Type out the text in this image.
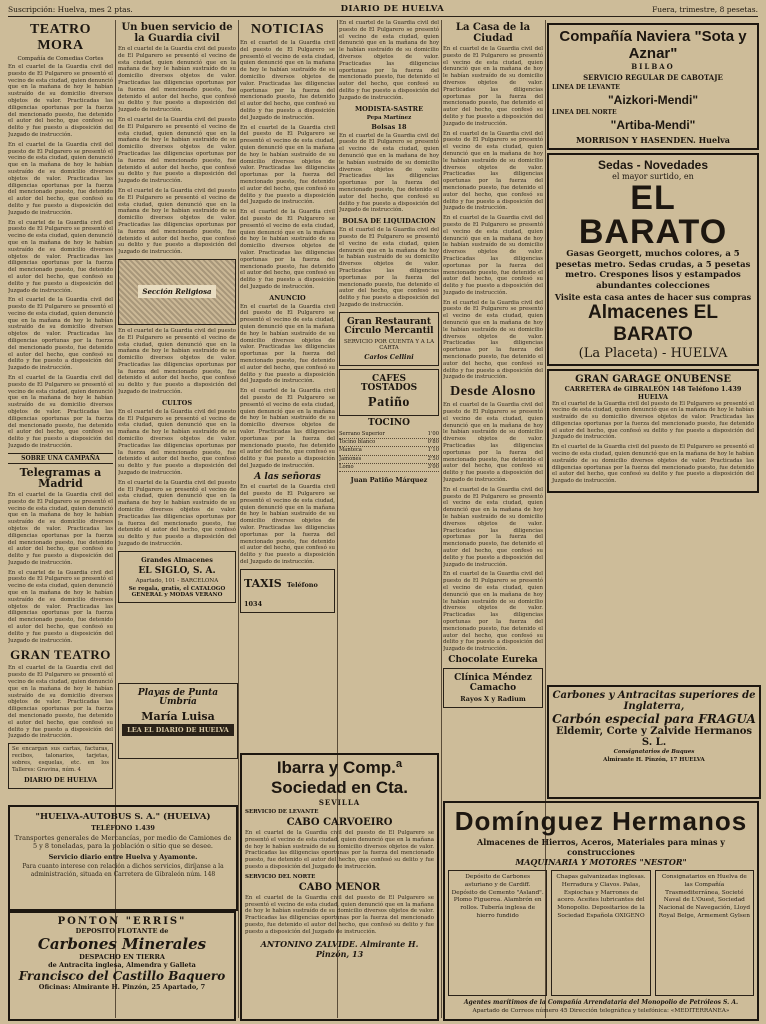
Suscripción: Huelva, mes 2 ptas.	DIARIO DE HUELVA	Fuera, trimestre, 8 pesetas.
TEATRO MORA
Compañía de Comedias Cortes

En el cuartel de la Guardia civil del puesto de El Pulgarero se presentó el vecino de esta ciudad, quien denunció que en la mañana de hoy le habían sustraído de su domicilio diversos objetos de valor. Practicadas las diligencias oportunas por la fuerza del mencionado puesto, fue detenido el autor del hecho, que confesó su delito y fue puesto a disposición del Juzgado de instrucción.

En el cuartel de la Guardia civil del puesto de El Pulgarero se presentó el vecino de esta ciudad, quien denunció que en la mañana de hoy le habían sustraído de su domicilio diversos objetos de valor. Practicadas las diligencias oportunas por la fuerza del mencionado puesto, fue detenido el autor del hecho, que confesó su delito y fue puesto a disposición del Juzgado de instrucción.

En el cuartel de la Guardia civil del puesto de El Pulgarero se presentó el vecino de esta ciudad, quien denunció que en la mañana de hoy le habían sustraído de su domicilio diversos objetos de valor. Practicadas las diligencias oportunas por la fuerza del mencionado puesto, fue detenido el autor del hecho, que confesó su delito y fue puesto a disposición del Juzgado de instrucción.

En el cuartel de la Guardia civil del puesto de El Pulgarero se presentó el vecino de esta ciudad, quien denunció que en la mañana de hoy le habían sustraído de su domicilio diversos objetos de valor. Practicadas las diligencias oportunas por la fuerza del mencionado puesto, fue detenido el autor del hecho, que confesó su delito y fue puesto a disposición del Juzgado de instrucción.

En el cuartel de la Guardia civil del puesto de El Pulgarero se presentó el vecino de esta ciudad, quien denunció que en la mañana de hoy le habían sustraído de su domicilio diversos objetos de valor. Practicadas las diligencias oportunas por la fuerza del mencionado puesto, fue detenido el autor del hecho, que confesó su delito y fue puesto a disposición del Juzgado de instrucción.

SOBRE UNA CAMPAÑA
Telegramas a Madrid

En el cuartel de la Guardia civil del puesto de El Pulgarero se presentó el vecino de esta ciudad, quien denunció que en la mañana de hoy le habían sustraído de su domicilio diversos objetos de valor. Practicadas las diligencias oportunas por la fuerza del mencionado puesto, fue detenido el autor del hecho, que confesó su delito y fue puesto a disposición del Juzgado de instrucción.

En el cuartel de la Guardia civil del puesto de El Pulgarero se presentó el vecino de esta ciudad, quien denunció que en la mañana de hoy le habían sustraído de su domicilio diversos objetos de valor. Practicadas las diligencias oportunas por la fuerza del mencionado puesto, fue detenido el autor del hecho, que confesó su delito y fue puesto a disposición del Juzgado de instrucción.

GRAN TEATRO

En el cuartel de la Guardia civil del puesto de El Pulgarero se presentó el vecino de esta ciudad, quien denunció que en la mañana de hoy le habían sustraído de su domicilio diversos objetos de valor. Practicadas las diligencias oportunas por la fuerza del mencionado puesto, fue detenido el autor del hecho, que confesó su delito y fue puesto a disposición del Juzgado de instrucción.

Se encargan sus cartas, facturas, recibos, talonarios, tarjetas, sobres, esquelas, etc. en los Talleres: Gravina, núm. 4

DIARIO DE HUELVA
"HUELVA-AUTOBUS S. A." (HUELVA)
TELÉFONO 1.439

Transportes generales de Mercancías, por medio de Camiones de 5 y 8 toneladas, para la población o sitio que se desee.

Servicio diario entre Huelva y Ayamonte.

Para cuanto interese con relación a dichos servicios, diríjanse a la administración, situada en Carretera de Gibraleón núm. 148

Un buen servicio de la Guardia civil

En el cuartel de la Guardia civil del puesto de El Pulgarero se presentó el vecino de esta ciudad, quien denunció que en la mañana de hoy le habían sustraído de su domicilio diversos objetos de valor. Practicadas las diligencias oportunas por la fuerza del mencionado puesto, fue detenido el autor del hecho, que confesó su delito y fue puesto a disposición del Juzgado de instrucción.

En el cuartel de la Guardia civil del puesto de El Pulgarero se presentó el vecino de esta ciudad, quien denunció que en la mañana de hoy le habían sustraído de su domicilio diversos objetos de valor. Practicadas las diligencias oportunas por la fuerza del mencionado puesto, fue detenido el autor del hecho, que confesó su delito y fue puesto a disposición del Juzgado de instrucción.

En el cuartel de la Guardia civil del puesto de El Pulgarero se presentó el vecino de esta ciudad, quien denunció que en la mañana de hoy le habían sustraído de su domicilio diversos objetos de valor. Practicadas las diligencias oportunas por la fuerza del mencionado puesto, fue detenido el autor del hecho, que confesó su delito y fue puesto a disposición del Juzgado de instrucción.

Sección Religiosa

En el cuartel de la Guardia civil del puesto de El Pulgarero se presentó el vecino de esta ciudad, quien denunció que en la mañana de hoy le habían sustraído de su domicilio diversos objetos de valor. Practicadas las diligencias oportunas por la fuerza del mencionado puesto, fue detenido el autor del hecho, que confesó su delito y fue puesto a disposición del Juzgado de instrucción.

CULTOS

En el cuartel de la Guardia civil del puesto de El Pulgarero se presentó el vecino de esta ciudad, quien denunció que en la mañana de hoy le habían sustraído de su domicilio diversos objetos de valor. Practicadas las diligencias oportunas por la fuerza del mencionado puesto, fue detenido el autor del hecho, que confesó su delito y fue puesto a disposición del Juzgado de instrucción.

En el cuartel de la Guardia civil del puesto de El Pulgarero se presentó el vecino de esta ciudad, quien denunció que en la mañana de hoy le habían sustraído de su domicilio diversos objetos de valor. Practicadas las diligencias oportunas por la fuerza del mencionado puesto, fue detenido el autor del hecho, que confesó su delito y fue puesto a disposición del Juzgado de instrucción.

Grandes Almacenes
EL SIGLO, S. A.
Apartado, 101 - BARCELONA
Se regala, gratis, el CATALOGO GENERAL y MODAS VERANO
Playas de Punta Umbría
María Luisa
LEA EL DIARIO DE HUELVA
NOTICIAS

En el cuartel de la Guardia civil del puesto de El Pulgarero se presentó el vecino de esta ciudad, quien denunció que en la mañana de hoy le habían sustraído de su domicilio diversos objetos de valor. Practicadas las diligencias oportunas por la fuerza del mencionado puesto, fue detenido el autor del hecho, que confesó su delito y fue puesto a disposición del Juzgado de instrucción.

En el cuartel de la Guardia civil del puesto de El Pulgarero se presentó el vecino de esta ciudad, quien denunció que en la mañana de hoy le habían sustraído de su domicilio diversos objetos de valor. Practicadas las diligencias oportunas por la fuerza del mencionado puesto, fue detenido el autor del hecho, que confesó su delito y fue puesto a disposición del Juzgado de instrucción.

En el cuartel de la Guardia civil del puesto de El Pulgarero se presentó el vecino de esta ciudad, quien denunció que en la mañana de hoy le habían sustraído de su domicilio diversos objetos de valor. Practicadas las diligencias oportunas por la fuerza del mencionado puesto, fue detenido el autor del hecho, que confesó su delito y fue puesto a disposición del Juzgado de instrucción.

ANUNCIO

En el cuartel de la Guardia civil del puesto de El Pulgarero se presentó el vecino de esta ciudad, quien denunció que en la mañana de hoy le habían sustraído de su domicilio diversos objetos de valor. Practicadas las diligencias oportunas por la fuerza del mencionado puesto, fue detenido el autor del hecho, que confesó su delito y fue puesto a disposición del Juzgado de instrucción.

En el cuartel de la Guardia civil del puesto de El Pulgarero se presentó el vecino de esta ciudad, quien denunció que en la mañana de hoy le habían sustraído de su domicilio diversos objetos de valor. Practicadas las diligencias oportunas por la fuerza del mencionado puesto, fue detenido el autor del hecho, que confesó su delito y fue puesto a disposición del Juzgado de instrucción.

A las señoras

En el cuartel de la Guardia civil del puesto de El Pulgarero se presentó el vecino de esta ciudad, quien denunció que en la mañana de hoy le habían sustraído de su domicilio diversos objetos de valor. Practicadas las diligencias oportunas por la fuerza del mencionado puesto, fue detenido el autor del hecho, que confesó su delito y fue puesto a disposición del Juzgado de instrucción.

TAXIS Teléfono 1034

En el cuartel de la Guardia civil del puesto de El Pulgarero se presentó el vecino de esta ciudad, quien denunció que en la mañana de hoy le habían sustraído de su domicilio diversos objetos de valor. Practicadas las diligencias oportunas por la fuerza del mencionado puesto, fue detenido el autor del hecho, que confesó su delito y fue puesto a disposición del Juzgado de instrucción.

MODISTA-SASTRE
Pepa Martínez
Bolsas 18

En el cuartel de la Guardia civil del puesto de El Pulgarero se presentó el vecino de esta ciudad, quien denunció que en la mañana de hoy le habían sustraído de su domicilio diversos objetos de valor. Practicadas las diligencias oportunas por la fuerza del mencionado puesto, fue detenido el autor del hecho, que confesó su delito y fue puesto a disposición del Juzgado de instrucción.

BOLSA DE LIQUIDACION

En el cuartel de la Guardia civil del puesto de El Pulgarero se presentó el vecino de esta ciudad, quien denunció que en la mañana de hoy le habían sustraído de su domicilio diversos objetos de valor. Practicadas las diligencias oportunas por la fuerza del mencionado puesto, fue detenido el autor del hecho, que confesó su delito y fue puesto a disposición del Juzgado de instrucción.

Gran Restaurant Círculo Mercantil
SERVICIO POR CUENTA Y A LA CARTA
Carlos Cellini
CAFES TOSTADOS
Patiño
TOCINO
Serrano Superior	1'00
Tocino blanco	0'80
Manteca	1'10
Jamones	2'50
Lomo	3'00
Juan Patiño Márquez
La Casa de la Ciudad

En el cuartel de la Guardia civil del puesto de El Pulgarero se presentó el vecino de esta ciudad, quien denunció que en la mañana de hoy le habían sustraído de su domicilio diversos objetos de valor. Practicadas las diligencias oportunas por la fuerza del mencionado puesto, fue detenido el autor del hecho, que confesó su delito y fue puesto a disposición del Juzgado de instrucción.

En el cuartel de la Guardia civil del puesto de El Pulgarero se presentó el vecino de esta ciudad, quien denunció que en la mañana de hoy le habían sustraído de su domicilio diversos objetos de valor. Practicadas las diligencias oportunas por la fuerza del mencionado puesto, fue detenido el autor del hecho, que confesó su delito y fue puesto a disposición del Juzgado de instrucción.

En el cuartel de la Guardia civil del puesto de El Pulgarero se presentó el vecino de esta ciudad, quien denunció que en la mañana de hoy le habían sustraído de su domicilio diversos objetos de valor. Practicadas las diligencias oportunas por la fuerza del mencionado puesto, fue detenido el autor del hecho, que confesó su delito y fue puesto a disposición del Juzgado de instrucción.

En el cuartel de la Guardia civil del puesto de El Pulgarero se presentó el vecino de esta ciudad, quien denunció que en la mañana de hoy le habían sustraído de su domicilio diversos objetos de valor. Practicadas las diligencias oportunas por la fuerza del mencionado puesto, fue detenido el autor del hecho, que confesó su delito y fue puesto a disposición del Juzgado de instrucción.

Desde Alosno

En el cuartel de la Guardia civil del puesto de El Pulgarero se presentó el vecino de esta ciudad, quien denunció que en la mañana de hoy le habían sustraído de su domicilio diversos objetos de valor. Practicadas las diligencias oportunas por la fuerza del mencionado puesto, fue detenido el autor del hecho, que confesó su delito y fue puesto a disposición del Juzgado de instrucción.

En el cuartel de la Guardia civil del puesto de El Pulgarero se presentó el vecino de esta ciudad, quien denunció que en la mañana de hoy le habían sustraído de su domicilio diversos objetos de valor. Practicadas las diligencias oportunas por la fuerza del mencionado puesto, fue detenido el autor del hecho, que confesó su delito y fue puesto a disposición del Juzgado de instrucción.

En el cuartel de la Guardia civil del puesto de El Pulgarero se presentó el vecino de esta ciudad, quien denunció que en la mañana de hoy le habían sustraído de su domicilio diversos objetos de valor. Practicadas las diligencias oportunas por la fuerza del mencionado puesto, fue detenido el autor del hecho, que confesó su delito y fue puesto a disposición del Juzgado de instrucción.

Chocolate Eureka
Clínica Méndez Camacho
Rayos X y Radium
Compañía Naviera "Sota y Aznar"
BILBAO
SERVICIO REGULAR DE CABOTAJE
LINEA DE LEVANTE
"Aizkori-Mendi"
LINEA DEL NORTE
"Artiba-Mendi"
MORRISON Y HASENDEN. Huelva
Sedas - Novedades
el mayor surtido, en
EL BARATO
Gasas Georgett, muchos colores, a 5 pesetas metro. Sedas crudas, a 5 pesetas metro. Crespones lisos y estampados abundantes colecciones
Visite esta casa antes de hacer sus compras
Almacenes EL BARATO
(La Placeta) - HUELVA
GRAN GARAGE ONUBENSE
CARRETERA de GIBRALEÓN 148 Teléfono 1.439
HUELVA

En el cuartel de la Guardia civil del puesto de El Pulgarero se presentó el vecino de esta ciudad, quien denunció que en la mañana de hoy le habían sustraído de su domicilio diversos objetos de valor. Practicadas las diligencias oportunas por la fuerza del mencionado puesto, fue detenido el autor del hecho, que confesó su delito y fue puesto a disposición del Juzgado de instrucción.

En el cuartel de la Guardia civil del puesto de El Pulgarero se presentó el vecino de esta ciudad, quien denunció que en la mañana de hoy le habían sustraído de su domicilio diversos objetos de valor. Practicadas las diligencias oportunas por la fuerza del mencionado puesto, fue detenido el autor del hecho, que confesó su delito y fue puesto a disposición del Juzgado de instrucción.

Carbones y Antracitas superiores de Inglaterra,
Carbón especial para FRAGUA
Eldemir, Corte y Zalvide Hermanos S. L.
Consignatarios de Buques
Almirante H. Pinzón, 17 HUELVA
Ibarra y Comp.ª Sociedad en Cta.
SEVILLA
SERVICIO DE LEVANTE
CABO CARVOEIRO

En el cuartel de la Guardia civil del puesto de El Pulgarero se presentó el vecino de esta ciudad, quien denunció que en la mañana de hoy le habían sustraído de su domicilio diversos objetos de valor. Practicadas las diligencias oportunas por la fuerza del mencionado puesto, fue detenido el autor del hecho, que confesó su delito y fue puesto a disposición del Juzgado de instrucción.

SERVICIO DEL NORTE
CABO MENOR

En el cuartel de la Guardia civil del puesto de El Pulgarero se presentó el vecino de esta ciudad, quien denunció que en la mañana de hoy le habían sustraído de su domicilio diversos objetos de valor. Practicadas las diligencias oportunas por la fuerza del mencionado puesto, fue detenido el autor del hecho, que confesó su delito y fue puesto a disposición del Juzgado de instrucción.

ANTONINO ZALVIDE. Almirante H. Pinzón, 13
Domínguez Hermanos
Almacenes de Hierros, Aceros, Materiales para minas y construcciones
MAQUINARIA Y MOTORES "NESTOR"
Depósito de Carbones asturiano y de Cardiff. Depósito de Cemento "Asland". Plomo Figueroa. Alambrón en rollos. Tubería inglesa de hierro fundido
Chapas galvanizadas inglesas. Herradura y Clavos. Palas, Espiochas y Marrones de acero. Aceites lubricantes del Monopolio. Depositarios de la Sociedad Española OXIGENO
Consignatarios en Huelva de las Compañía Trasmediterránea, Societé Naval de L'Ouest, Sociedad Nacional de Navegación, Lloyd Royal Belge, Armement Gylsen
Agentes marítimos de la Compañía Arrendataria del Monopolio de Petróleos S. A.
Apartado de Correos número 45 Dirección telegráfica y telefónica: «MEDITERRANEA»
PONTON "ERRIS"
DEPOSITO FLOTANTE de
Carbones Minerales
DESPACHO EN TIERRA
de Antracita inglesa, Almendra y Galleta
Francisco del Castillo Baquero
Oficinas: Almirante H. Pinzón, 25 Apartado, 7
